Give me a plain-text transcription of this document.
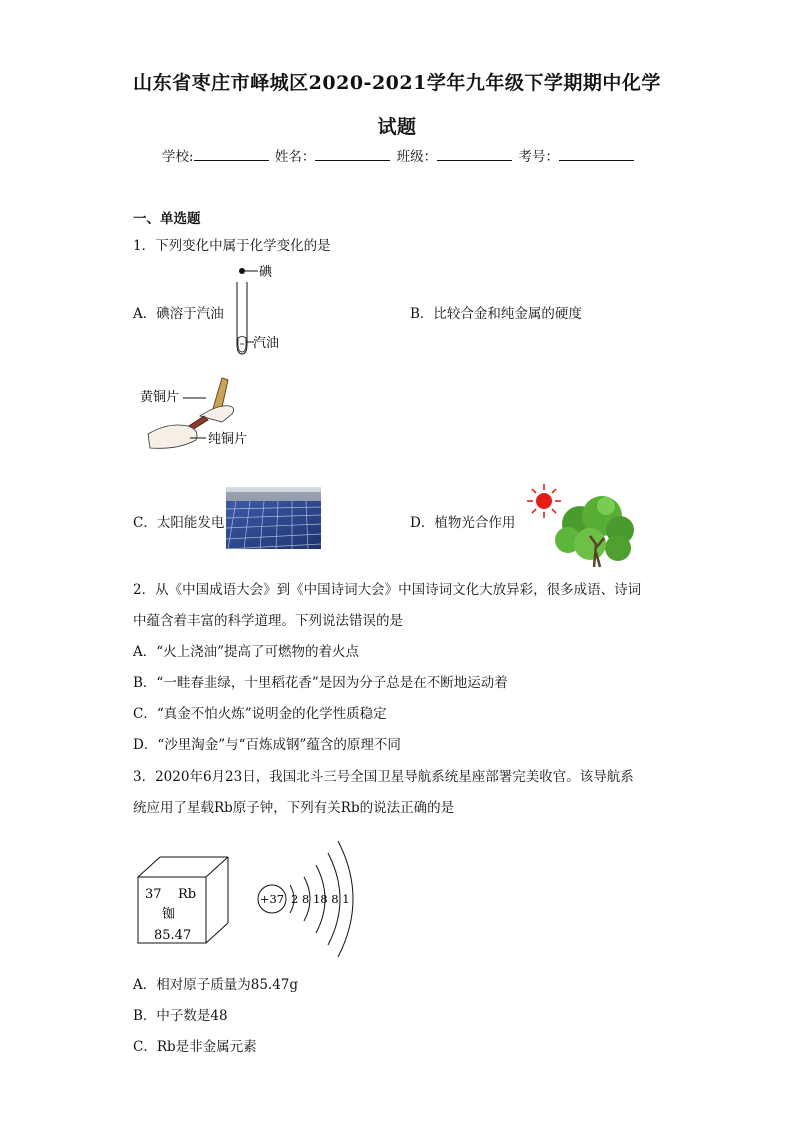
山东省枣庄市峄城区2020-2021学年九年级下学期期中化学
试题
学校:	姓名：	班级：	考号：
一、单选题
1．下列变化中属于化学变化的是
碘
汽油
A．碘溶于汽油	B．比较合金和纯金属的硬度
黄铜片
纯铜片
C．太阳能发电	D．植物光合作用
2．从《中国成语大会》到《中国诗词大会》中国诗词文化大放异彩，很多成语、诗词
中蕴含着丰富的科学道理。下列说法错误的是
A．“火上浇油”提高了可燃物的着火点
B．“一畦春韭绿，十里稻花香”是因为分子总是在不断地运动着
C．“真金不怕火炼”说明金的化学性质稳定
D．“沙里淘金”与“百炼成钢”蕴含的原理不同
3．2020年6月23日，我国北斗三号全国卫星导航系统星座部署完美收官。该导航系
统应用了星载Rb原子钟，下列有关Rb的说法正确的是
37 Rb
铷
85.47
+37 2 8 18 8 1
A．相对原子质量为85.47g
B．中子数是48
C．Rb是非金属元素
